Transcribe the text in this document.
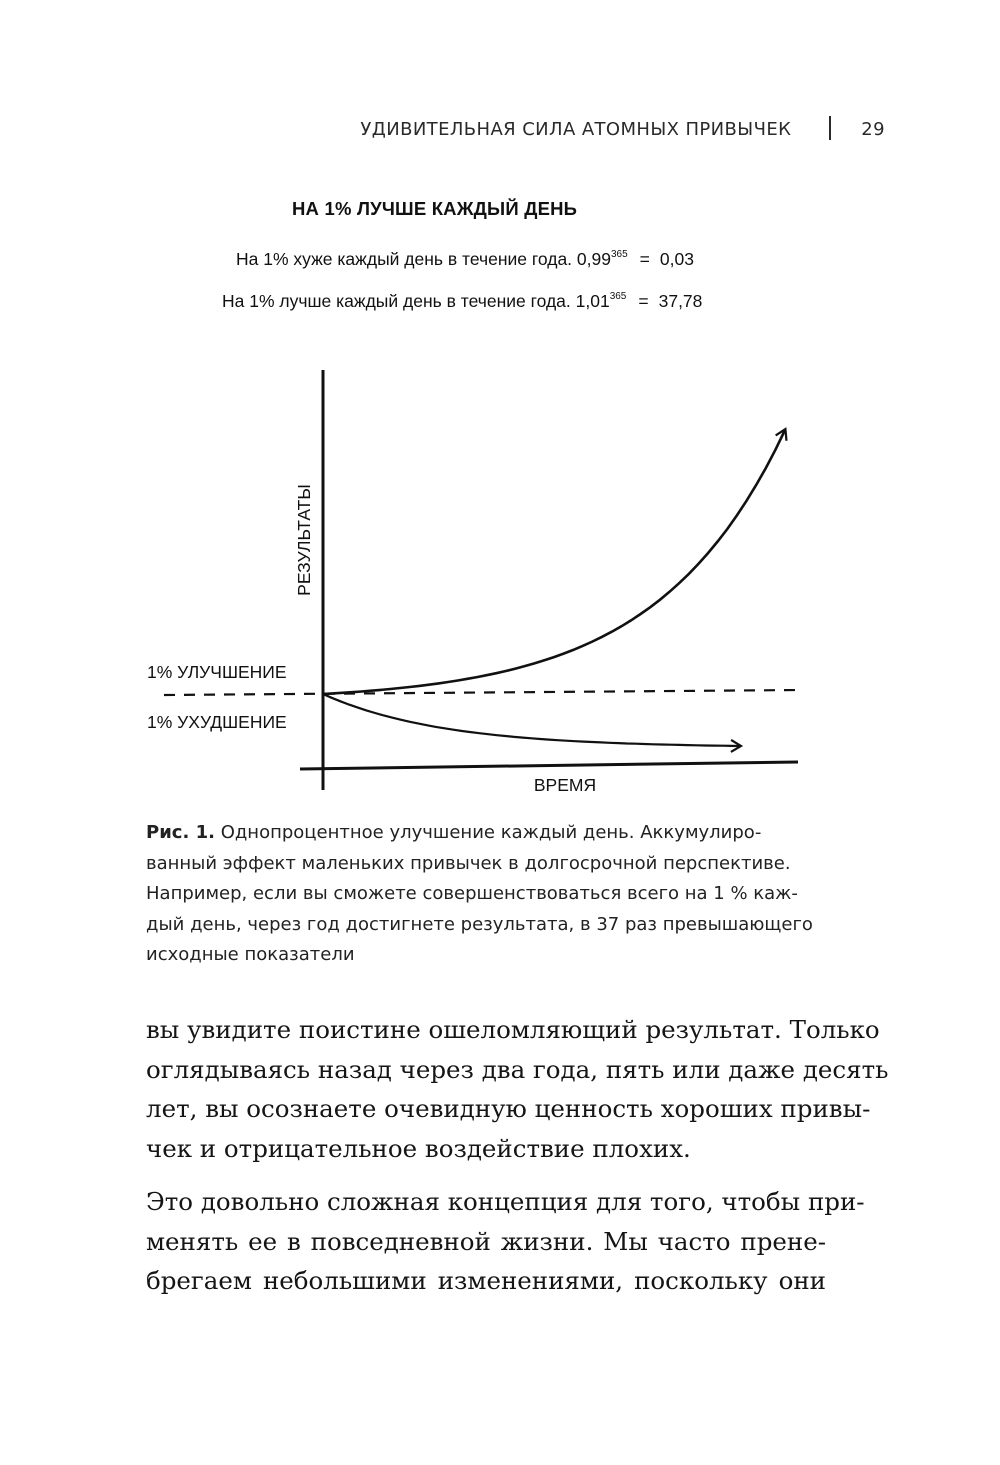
УДИВИТЕЛЬНАЯ СИЛА АТОМНЫХ ПРИВЫЧЕК	29
НА 1% ЛУЧШЕ КАЖДЫЙ ДЕНЬ
На 1% хуже каждый день в течение года. $0,99^{365} = 0,03$
На 1% лучше каждый день в течение года. $1,01^{365} = 37,78$
РЕЗУЛЬТАТЫ
ВРЕМЯ
1% УЛУЧШЕНИЕ
1% УХУДШЕНИЕ
Рис. 1. Однопроцентное улучшение каждый день. Аккумулиро-
ванный эффект маленьких привычек в долгосрочной перспективе.
Например, если вы сможете совершенствоваться всего на 1 % каж-
дый день, через год достигнете результата, в 37 раз превышающего
исходные показатели
вы увидите поистине ошеломляющий результат. Только
оглядываясь назад через два года, пять или даже десять
лет, вы осознаете очевидную ценность хороших привы-
чек и отрицательное воздействие плохих.
Это довольно сложная концепция для того, чтобы при-
менять ее в повседневной жизни. Мы часто прене-
брегаем небольшими изменениями, поскольку они
